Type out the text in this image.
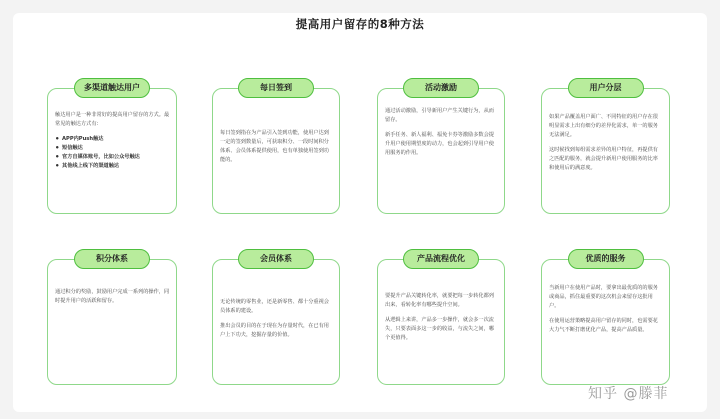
提高用户留存的8种方法
多渠道触达用户

触达用户是一种非常好的提高用户留存的方式。最常见的触达方式有：

• APP内Push触达
• 短信触达
• 官方自媒体账号，比如公众号触达
• 其他线上线下的渠道触达
每日签到

每日签到指在为产品引入签到功能，使用户达到一定的签到数量后，可获取积分、一段时间积分体系、会员体系提供使用，也有单独使用签到功能的。

活动激励

通过活动激励，引导新用户产生关键行为，从而留存。

新手任务、新人福利、福免卡券等激励多数会提升用户使用期望度的动力，也会起到引导用户使用服务的作用。

用户分层

如果产品覆盖用户面广、不同特征的用户存在很明显需求上出有细分的差异化需求，单一的服务无法满足。

这时候找到每组需求差异的用户特征，再提供有之匹配的服务，就会提升新用户使用服务的比率和使用后的满意度。

积分体系

通过积分的奖励，鼓励用户完成一系列的操作，同时提升用户的活跃和留存。

会员体系

无论传统的零售业，还是新零售、都十分重视会员体系的建设。

推出会员的目的在于现在为存量时代，在已有用户上下功夫，挖掘存量的价值。

产品流程优化

要提升产品关键转化率，就要把每一步转化都列出来，看转化率有哪些提升空间。

从逻辑上来讲，产品多一步操作，就会多一次流失，只要表面多这一步的收益，与流失之间，哪个更值得。

优质的服务

当新用户在使用产品时，要拿出最优质的的服务或商品，抓住最重要的这次机会来留存这批用户。

在使用运营策略提高用户留存的同时，也需要花大力气不断打磨优化产品，提高产品质量。

知乎 @滕菲
